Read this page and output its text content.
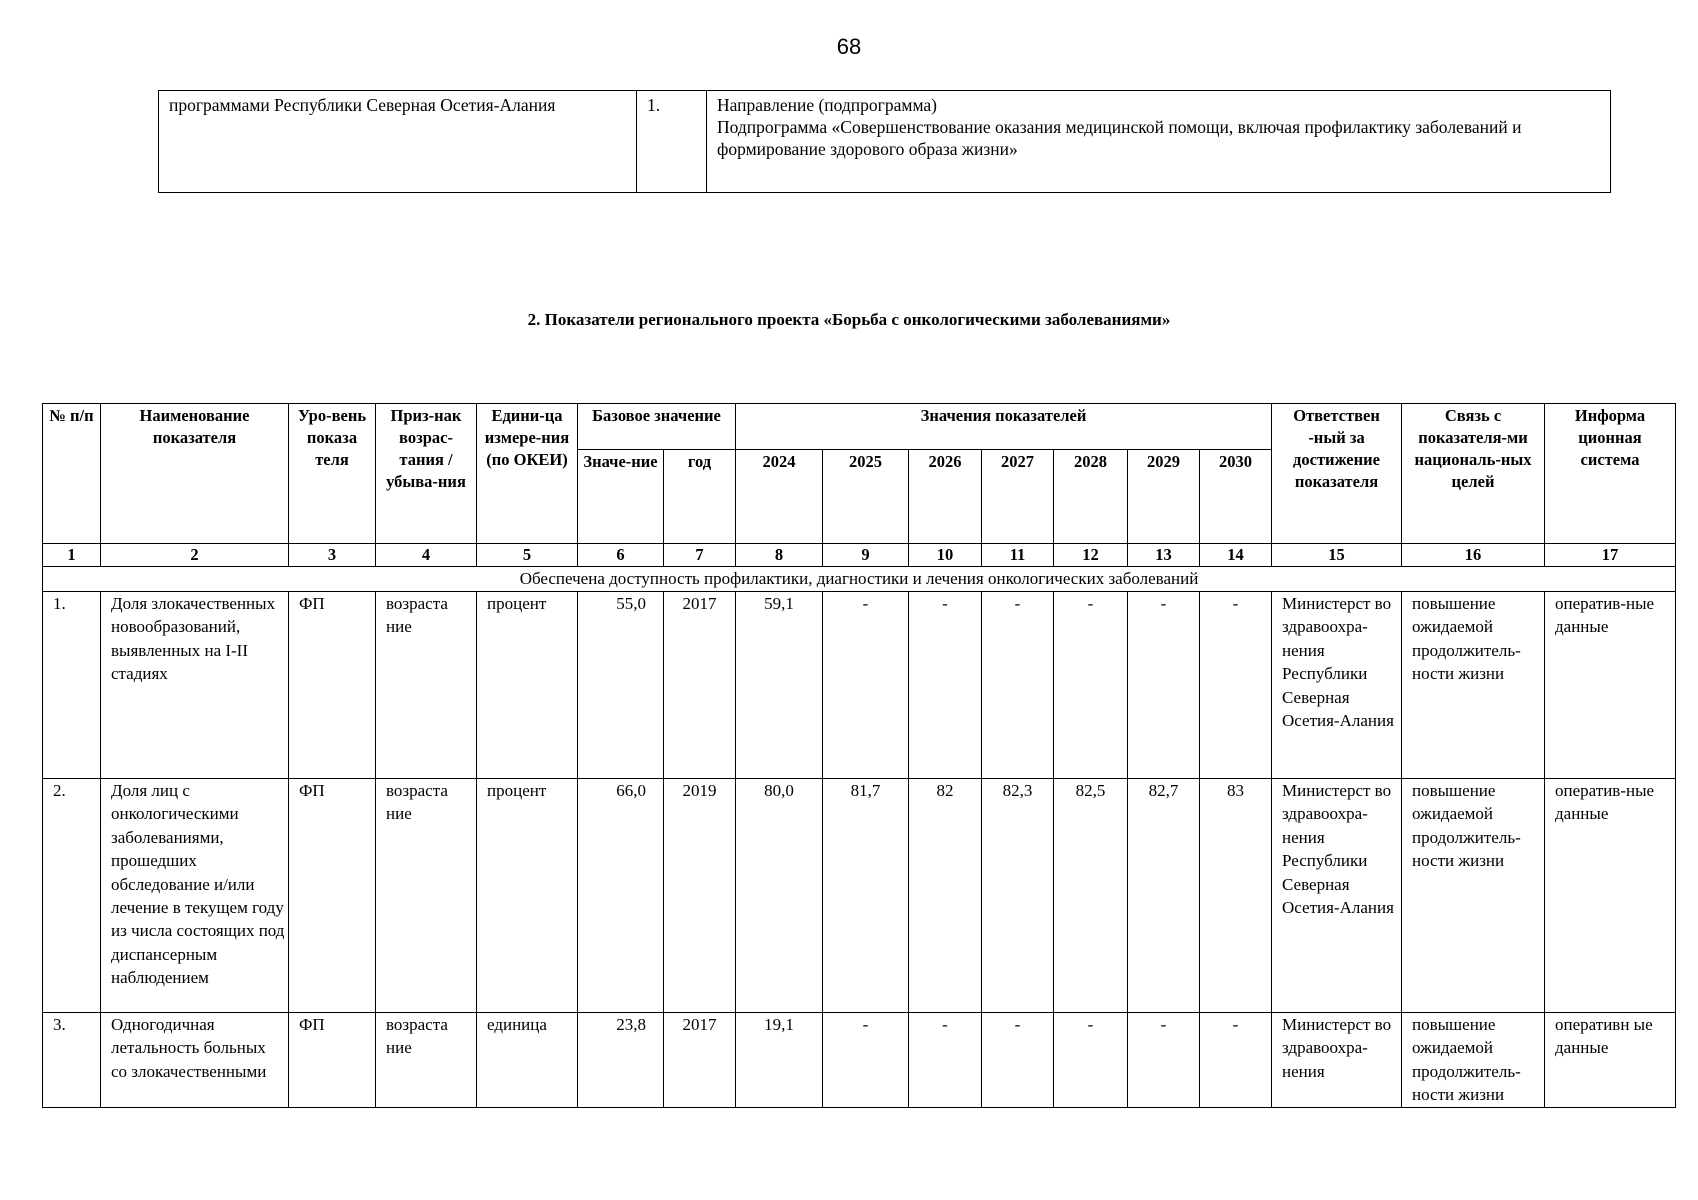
68
программами Республики Северная Осетия-Алания	1.	Направление (подпрограмма)
Подпрограмма «Совершенствование оказания медицинской помощи, включая профилактику заболеваний и формирование здорового образа жизни»
2. Показатели регионального проекта «Борьба с онкологическими заболеваниями»
№ п/п	Наименование показателя	Уро-вень показа теля	Приз-нак возрас-тания / убыва-ния	Едини-ца измере-ния (по ОКЕИ)	Базовое значение		Значения показателей							Ответствен -ный за достижение показателя	Связь с показателя-ми националь-ных целей	Информа ционная система
					Значе-ние	год	2024	2025	2026	2027	2028	2029	2030			
1	2	3	4	5	6	7	8	9	10	11	12	13	14	15	16	17
Обеспечена доступность профилактики, диагностики и лечения онкологических заболеваний																
1.	Доля злокачественных новообразований, выявленных на I-II стадиях	ФП	возраста ние	процент	55,0	2017	59,1	-	-	-	-	-	-	Министерст во здравоохра-нения Республики Северная Осетия-Алания	повышение ожидаемой продолжитель-ности жизни	оператив-ные данные
2.	Доля лиц с онкологическими заболеваниями, прошедших обследование и/или лечение в текущем году из числа состоящих под диспансерным наблюдением	ФП	возраста ние	процент	66,0	2019	80,0	81,7	82	82,3	82,5	82,7	83	Министерст во здравоохра-нения Республики Северная Осетия-Алания	повышение ожидаемой продолжитель-ности жизни	оператив-ные данные
3.	Одногодичная летальность больных со злокачественными	ФП	возраста ние	единица	23,8	2017	19,1	-	-	-	-	-	-	Министерст во здравоохра-нения	повышение ожидаемой продолжитель-ности жизни	оперативн ые данные
